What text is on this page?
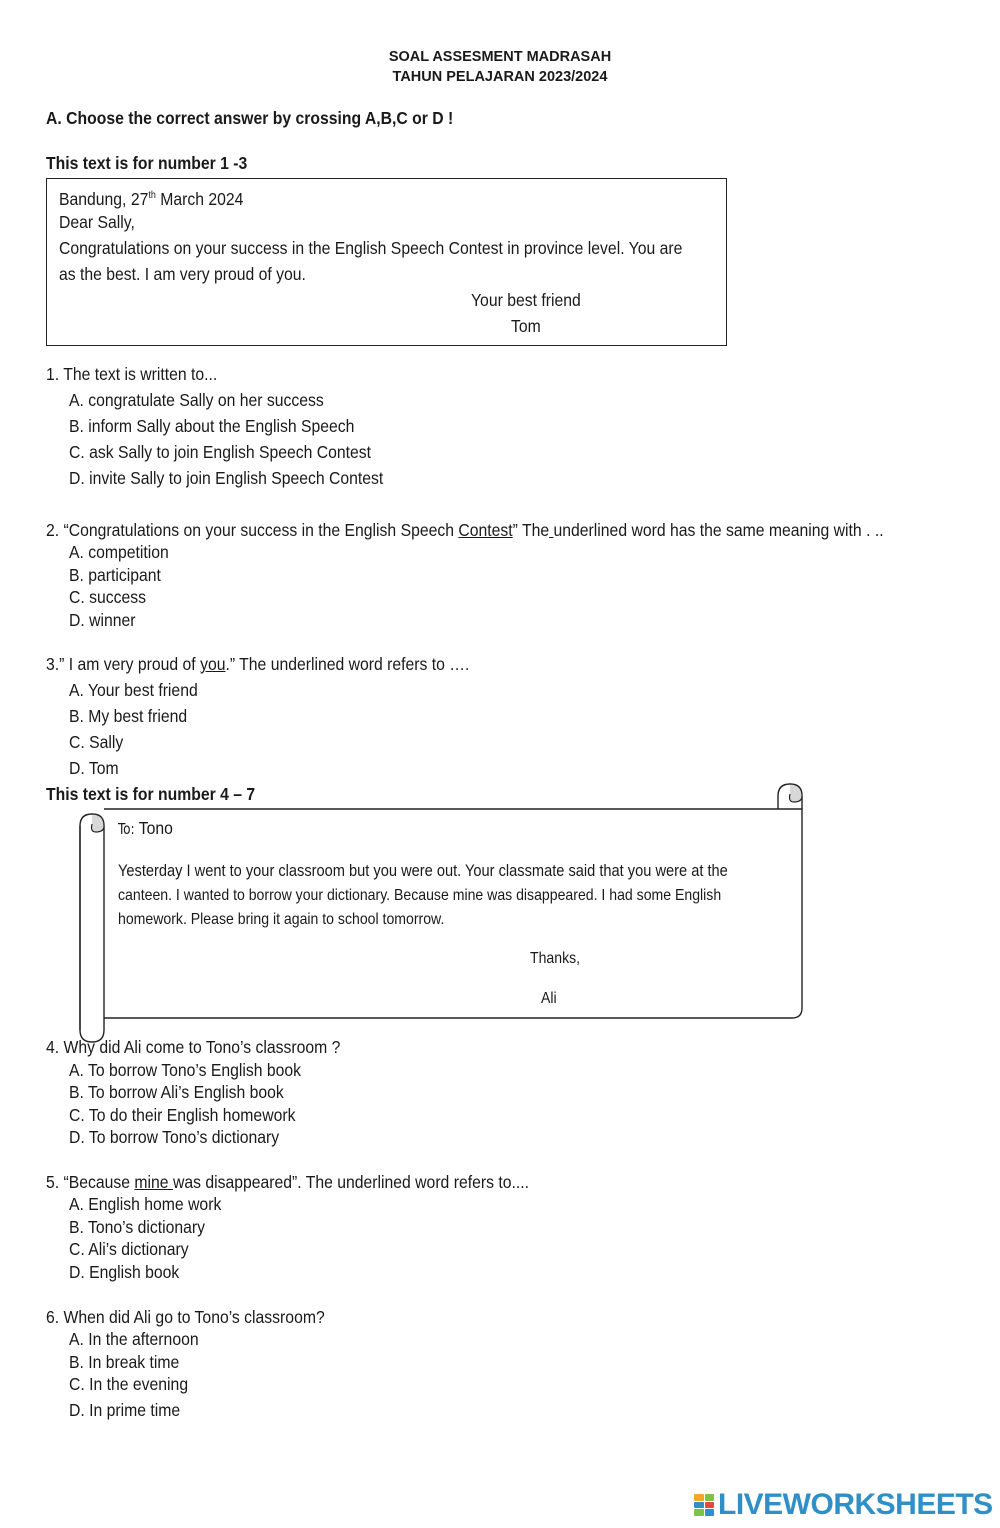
SOAL ASSESMENT MADRASAH
TAHUN PELAJARAN 2023/2024
A. Choose the correct answer by crossing A,B,C or D !
This text is for number 1 -3
Bandung, 27th March 2024
Dear Sally,
Congratulations on your success in the English Speech Contest in province level. You are
as the best. I am very proud of you.
Your best friend
Tom
1. The text is written to...
A. congratulate Sally on her success
B. inform Sally about the English Speech
C. ask Sally to join English Speech Contest
D. invite Sally to join English Speech Contest
2. “Congratulations on your success in the English Speech Contest” The underlined word has the same meaning with . ..
A. competition
B. participant
C. success
D. winner
3.” I am very proud of you.” The underlined word refers to ….
A. Your best friend
B. My best friend
C. Sally
D. Tom
This text is for number 4 – 7
To: Tono
Yesterday I went to your classroom but you were out. Your classmate said that you were at the
canteen. I wanted to borrow your dictionary. Because mine was disappeared. I had some English
homework. Please bring it again to school tomorrow.
Thanks,
Ali
4. Why did Ali come to Tono’s classroom ?
A. To borrow Tono’s English book
B. To borrow Ali’s English book
C. To do their English homework
D. To borrow Tono’s dictionary
5. “Because mine was disappeared”. The underlined word refers to....
A. English home work
B. Tono’s dictionary
C. Ali’s dictionary
D. English book
6. When did Ali go to Tono’s classroom?
A. In the afternoon
B. In break time
C. In the evening
D. In prime time
LIVEWORKSHEETS
